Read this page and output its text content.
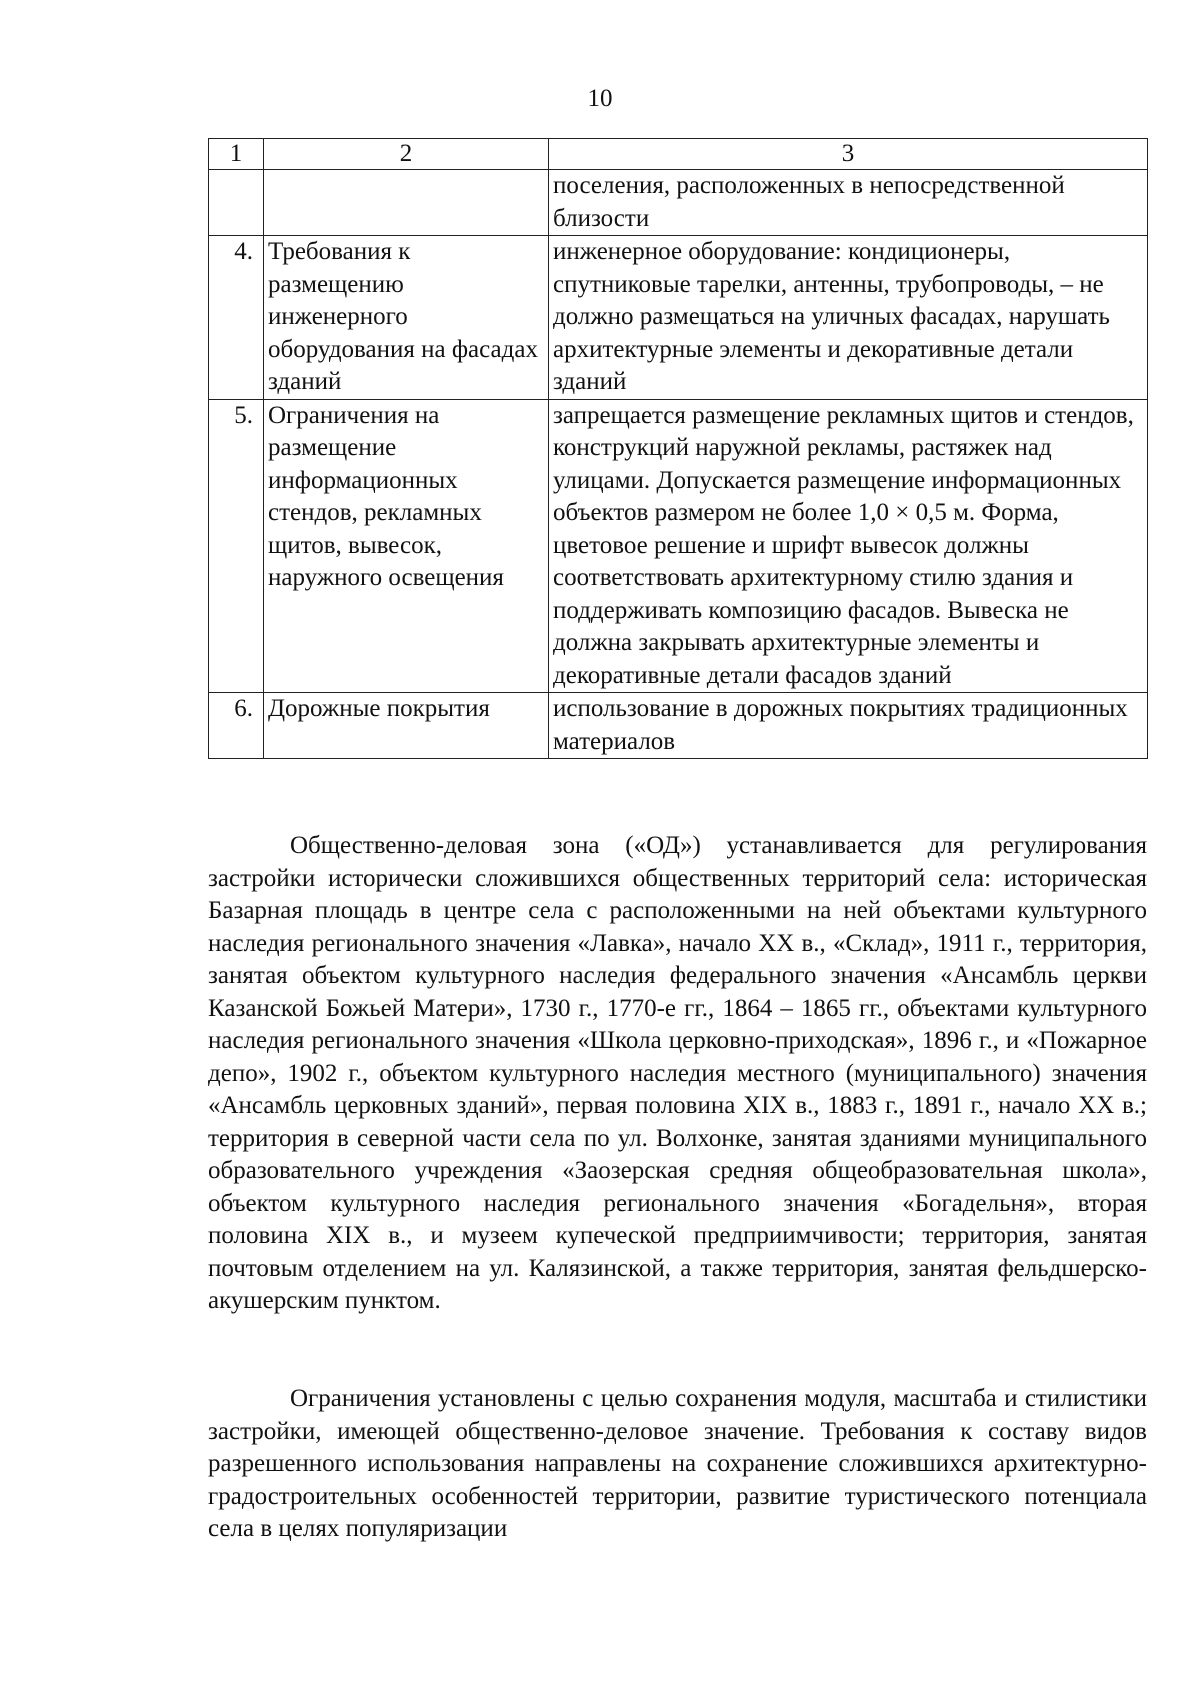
10
1	2	3
		поселения, расположенных в непосредственной близости
4.	Требования к размещению инженерного оборудования на фасадах зданий	инженерное оборудование: кондиционеры, спутниковые тарелки, антенны, трубопроводы, – не должно размещаться на уличных фасадах, нарушать архитектурные элементы и декоративные детали зданий
5.	Ограничения на размещение информационных стендов, рекламных щитов, вывесок, наружного освещения	запрещается размещение рекламных щитов и стендов, конструкций наружной рекламы, растяжек над улицами. Допускается размещение информационных объектов размером не более 1,0 × 0,5 м. Форма, цветовое решение и шрифт вывесок должны соответствовать архитектурному стилю здания и поддерживать композицию фасадов. Вывеска не должна закрывать архитектурные элементы и декоративные детали фасадов зданий
6.	Дорожные покрытия	использование в дорожных покрытиях традиционных материалов

Общественно-деловая зона («ОД») устанавливается для регулирования застройки исторически сложившихся общественных территорий села: историческая Базарная площадь в центре села с расположенными на ней объектами культурного наследия регионального значения «Лавка», начало XX в., «Склад», 1911 г., территория, занятая объектом культурного наследия федерального значения «Ансамбль церкви Казанской Божьей Матери», 1730 г., 1770-е гг., 1864 – 1865 гг., объектами культурного наследия регионального значения «Школа церковно-приходская», 1896 г., и «Пожарное депо», 1902 г., объектом культурного наследия местного (муниципального) значения «Ансамбль церковных зданий», первая половина XIX в., 1883 г., 1891 г., начало XX в.; территория в северной части села по ул. Волхонке, занятая зданиями муниципального образовательного учреждения «Заозерская средняя общеобразовательная школа», объектом культурного наследия регионального значения «Богадельня», вторая половина XIX в., и музеем купеческой предприимчивости; территория, занятая почтовым отделением на ул. Калязинской, а также территория, занятая фельдшерско-акушерским пунктом.

Ограничения установлены с целью сохранения модуля, масштаба и стилистики застройки, имеющей общественно-деловое значение. Требования к составу видов разрешенного использования направлены на сохранение сложившихся архитектурно-градостроительных особенностей территории, развитие туристического потенциала села в целях популяризации
